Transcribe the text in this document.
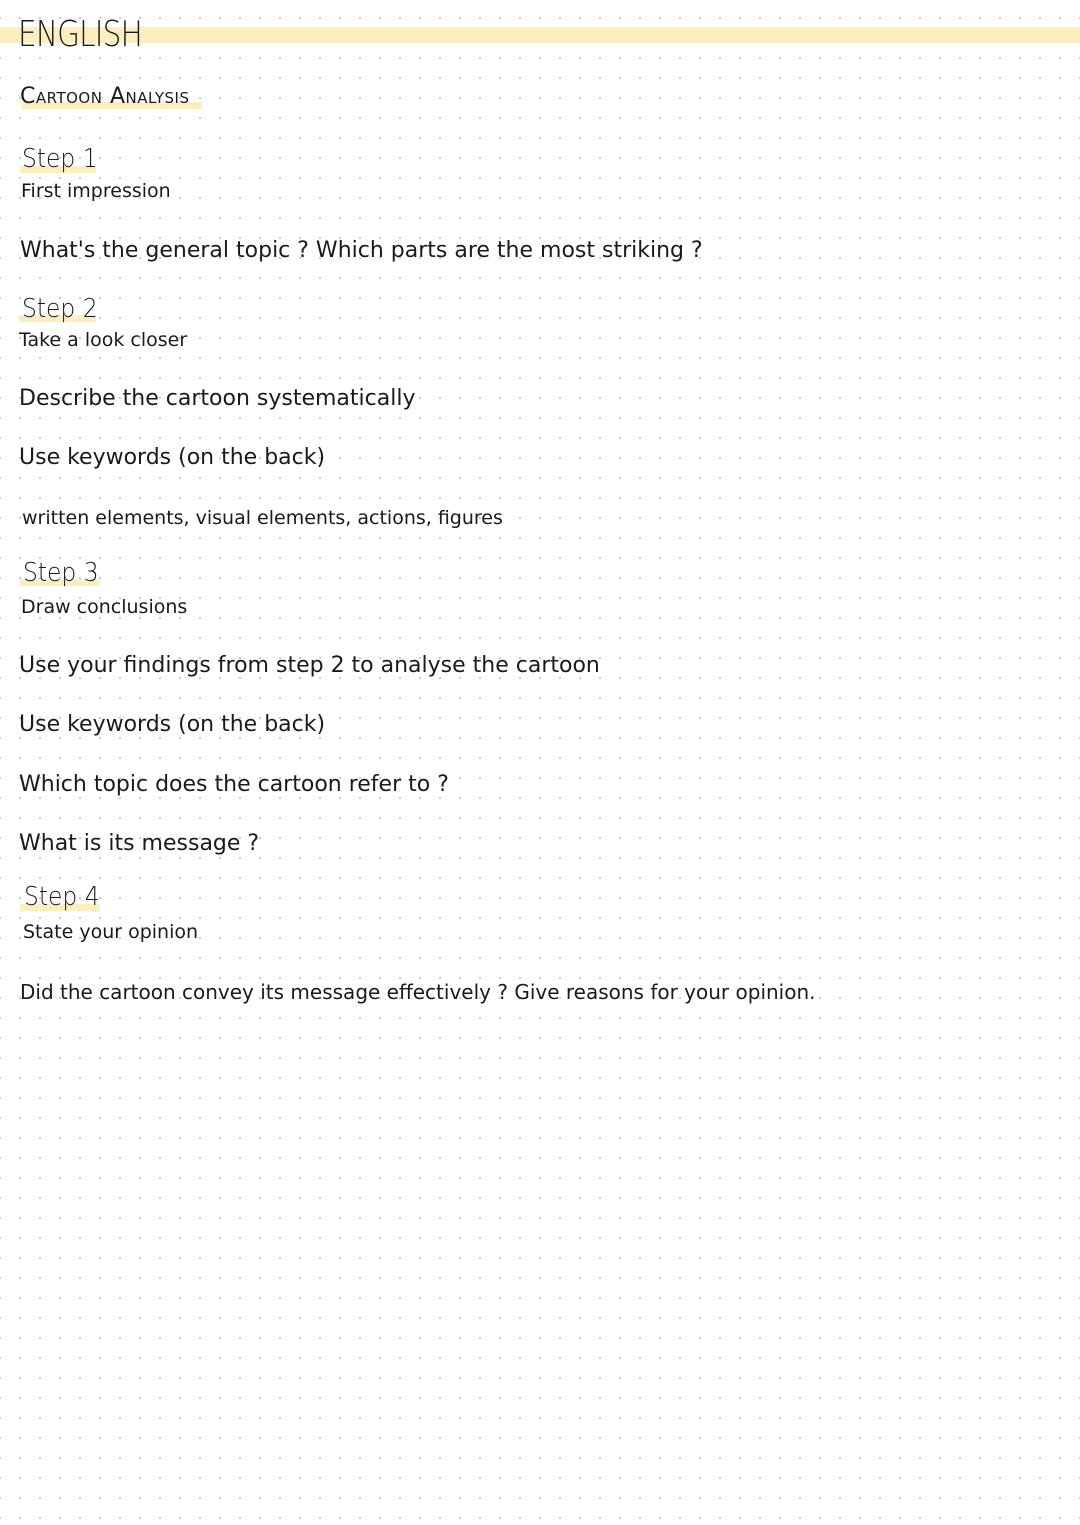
ENGLISH
Cartoon Analysis
Step 1
First impression
What's the general topic ? Which parts are the most striking ?
Step 2
Take a look closer
Describe the cartoon systematically
Use keywords (on the back)
written elements, visual elements, actions, figures
Step 3
Draw conclusions
Use your findings from step 2 to analyse the cartoon
Use keywords (on the back)
Which topic does the cartoon refer to ?
What is its message ?
Step 4
State your opinion
Did the cartoon convey its message effectively ? Give reasons for your opinion.
